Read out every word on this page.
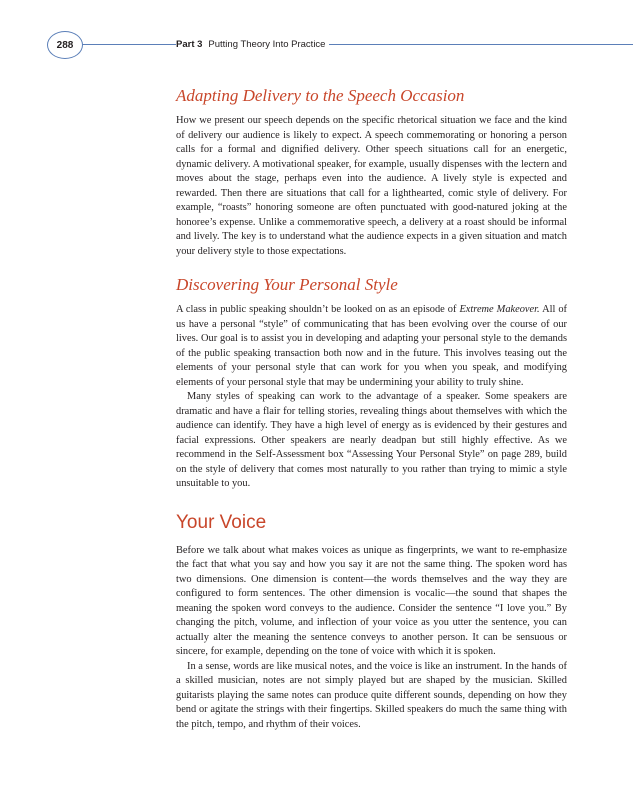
288	Part 3 Putting Theory Into Practice
Adapting Delivery to the Speech Occasion

How we present our speech depends on the specific rhetorical situation we face and the kind of delivery our audience is likely to expect. A speech commemorating or honoring a person calls for a formal and dignified delivery. Other speech situations call for an energetic, dynamic delivery. A motivational speaker, for example, usually dispenses with the lectern and moves about the stage, perhaps even into the audience. A lively style is expected and rewarded. Then there are situations that call for a lighthearted, comic style of delivery. For example, “roasts” honoring someone are often punctuated with good-natured joking at the honoree’s expense. Unlike a commemorative speech, a delivery at a roast should be informal and lively. The key is to understand what the audience expects in a given situation and match your delivery style to those expectations.

Discovering Your Personal Style

A class in public speaking shouldn’t be looked on as an episode of Extreme Makeover. All of us have a personal “style” of communicating that has been evolving over the course of our lives. Our goal is to assist you in developing and adapting your personal style to the demands of the public speaking transaction both now and in the future. This involves teasing out the elements of your personal style that can work for you when you speak, and modifying elements of your personal style that may be undermining your ability to truly shine.

Many styles of speaking can work to the advantage of a speaker. Some speakers are dramatic and have a flair for telling stories, revealing things about themselves with which the audience can identify. They have a high level of energy as is evidenced by their gestures and facial expressions. Other speakers are nearly deadpan but still highly effective. As we recommend in the Self-Assessment box “Assessing Your Personal Style” on page 289, build on the style of delivery that comes most naturally to you rather than trying to mimic a style unsuitable to you.

Your Voice

Before we talk about what makes voices as unique as fingerprints, we want to re-emphasize the fact that what you say and how you say it are not the same thing. The spoken word has two dimensions. One dimension is content—the words themselves and the way they are configured to form sentences. The other dimension is vocalic—the sound that shapes the meaning the spoken word conveys to the audience. Consider the sentence “I love you.” By changing the pitch, volume, and inflection of your voice as you utter the sentence, you can actually alter the meaning the sentence conveys to another person. It can be sensuous or sincere, for example, depending on the tone of voice with which it is spoken.

In a sense, words are like musical notes, and the voice is like an instrument. In the hands of a skilled musician, notes are not simply played but are shaped by the musician. Skilled guitarists playing the same notes can produce quite different sounds, depending on how they bend or agitate the strings with their fingertips. Skilled speakers do much the same thing with the pitch, tempo, and rhythm of their voices.
